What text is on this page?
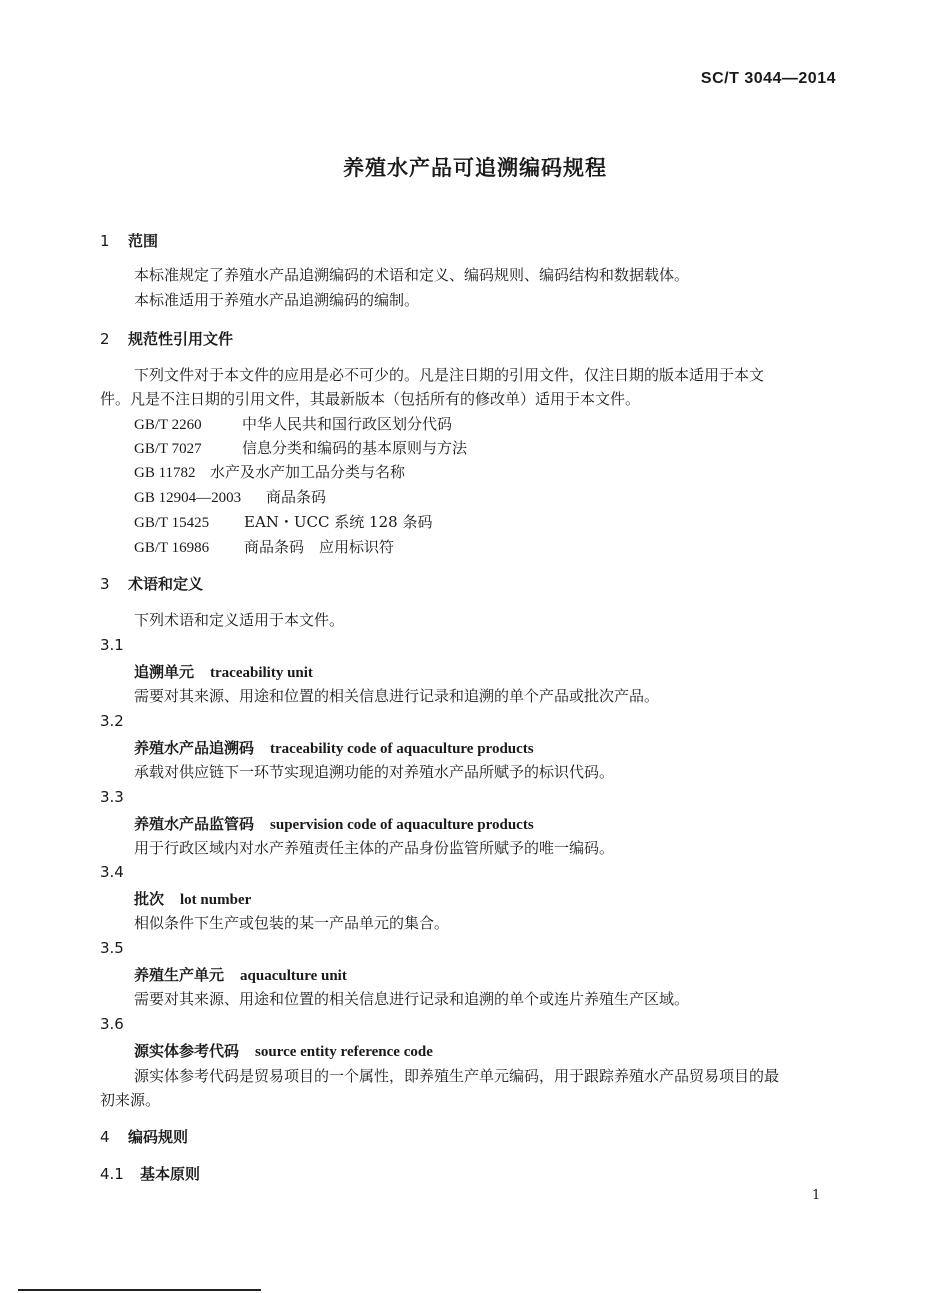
SC/T 3044—2014
养殖水产品可追溯编码规程
1 范围
本标准规定了养殖水产品追溯编码的术语和定义、编码规则、编码结构和数据载体。
本标准适用于养殖水产品追溯编码的编制。
2 规范性引用文件
下列文件对于本文件的应用是必不可少的。凡是注日期的引用文件，仅注日期的版本适用于本文
件。凡是不注日期的引用文件，其最新版本（包括所有的修改单）适用于本文件。
GB/T 2260	中华人民共和国行政区划分代码
GB/T 7027	信息分类和编码的基本原则与方法
GB 11782 水产及水产加工品分类与名称
GB 12904—2003 商品条码
GB/T 15425 EAN・UCC 系统 128 条码
GB/T 16986 商品条码　应用标识符
3 术语和定义
下列术语和定义适用于本文件。
3.1
追溯单元 traceability unit
需要对其来源、用途和位置的相关信息进行记录和追溯的单个产品或批次产品。
3.2
养殖水产品追溯码 traceability code of aquaculture products
承载对供应链下一环节实现追溯功能的对养殖水产品所赋予的标识代码。
3.3
养殖水产品监管码 supervision code of aquaculture products
用于行政区域内对水产养殖责任主体的产品身份监管所赋予的唯一编码。
3.4
批次 lot number
相似条件下生产或包装的某一产品单元的集合。
3.5
养殖生产单元 aquaculture unit
需要对其来源、用途和位置的相关信息进行记录和追溯的单个或连片养殖生产区域。
3.6
源实体参考代码 source entity reference code
源实体参考代码是贸易项目的一个属性，即养殖生产单元编码，用于跟踪养殖水产品贸易项目的最
初来源。
4 编码规则
4.1 基本原则
1
